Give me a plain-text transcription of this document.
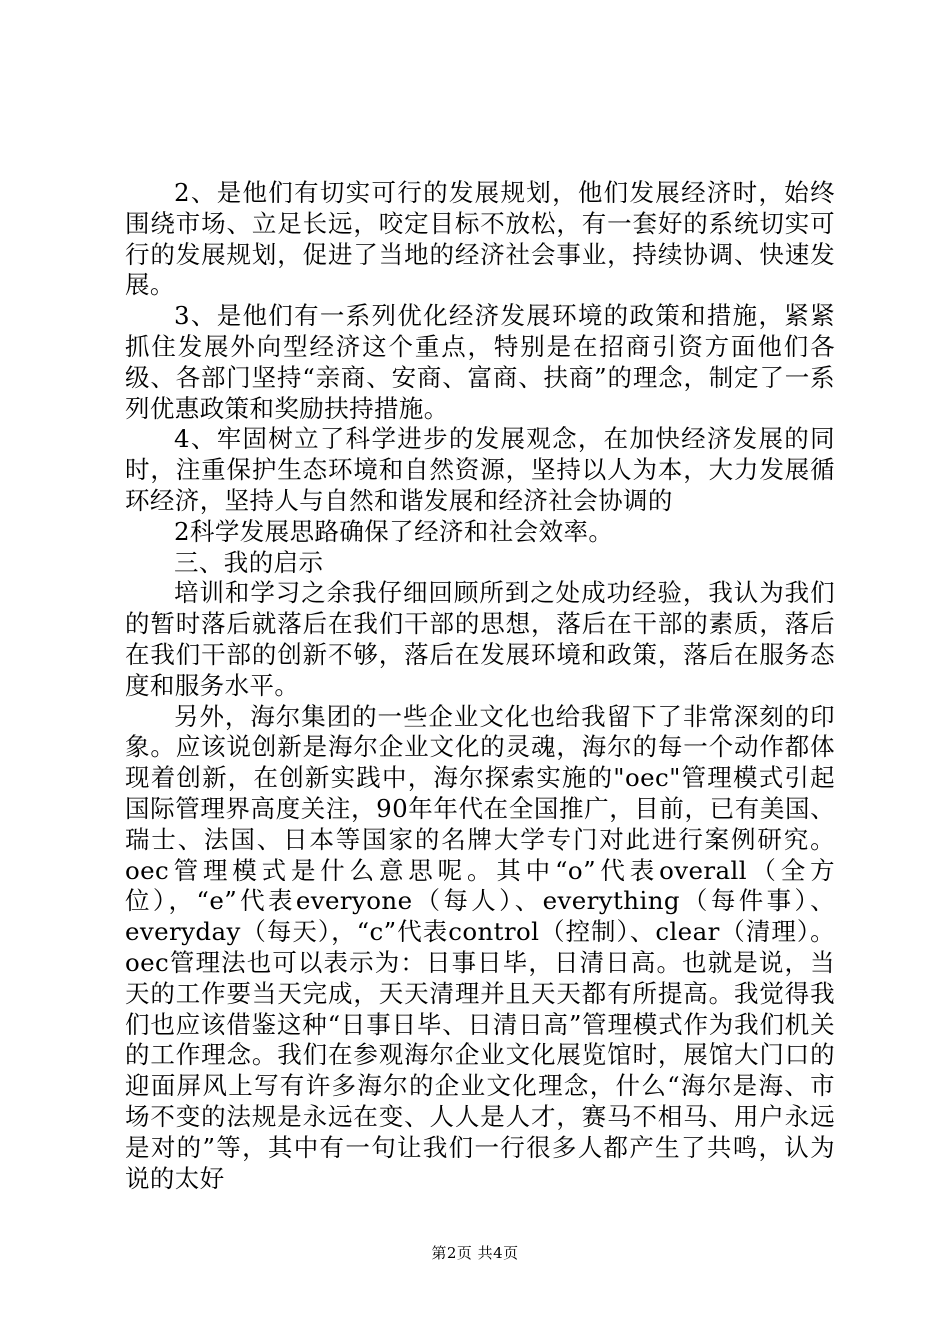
2、是他们有切实可行的发展规划，他们发展经济时，始终围绕市场、立足长远，咬定目标不放松，有一套好的系统切实可行的发展规划，促进了当地的经济社会事业，持续协调、快速发展。

3、是他们有一系列优化经济发展环境的政策和措施，紧紧抓住发展外向型经济这个重点，特别是在招商引资方面他们各级、各部门坚持“亲商、安商、富商、扶商”的理念，制定了一系列优惠政策和奖励扶持措施。

4、牢固树立了科学进步的发展观念，在加快经济发展的同时，注重保护生态环境和自然资源，坚持以人为本，大力发展循环经济，坚持人与自然和谐发展和经济社会协调的

2科学发展思路确保了经济和社会效率。

三、我的启示

培训和学习之余我仔细回顾所到之处成功经验，我认为我们的暂时落后就落后在我们干部的思想，落后在干部的素质，落后在我们干部的创新不够，落后在发展环境和政策，落后在服务态度和服务水平。

另外，海尔集团的一些企业文化也给我留下了非常深刻的印象。应该说创新是海尔企业文化的灵魂，海尔的每一个动作都体现着创新，在创新实践中，海尔探索实施的"oec"管理模式引起国际管理界高度关注，90年年代在全国推广，目前，已有美国、瑞士、法国、日本等国家的名牌大学专门对此进行案例研究。oec管理模式是什么意思呢。其中“o”代表overall（全方位），“e”代表everyone（每人）、everything（每件事）、everyday（每天），“c”代表control（控制）、clear（清理）。oec管理法也可以表示为：日事日毕，日清日高。也就是说，当天的工作要当天完成，天天清理并且天天都有所提高。我觉得我们也应该借鉴这种“日事日毕、日清日高”管理模式作为我们机关的工作理念。我们在参观海尔企业文化展览馆时，展馆大门口的迎面屏风上写有许多海尔的企业文化理念，什么“海尔是海、市场不变的法规是永远在变、人人是人才，赛马不相马、用户永远是对的”等，其中有一句让我们一行很多人都产生了共鸣，认为说的太好

第2页 共4页
